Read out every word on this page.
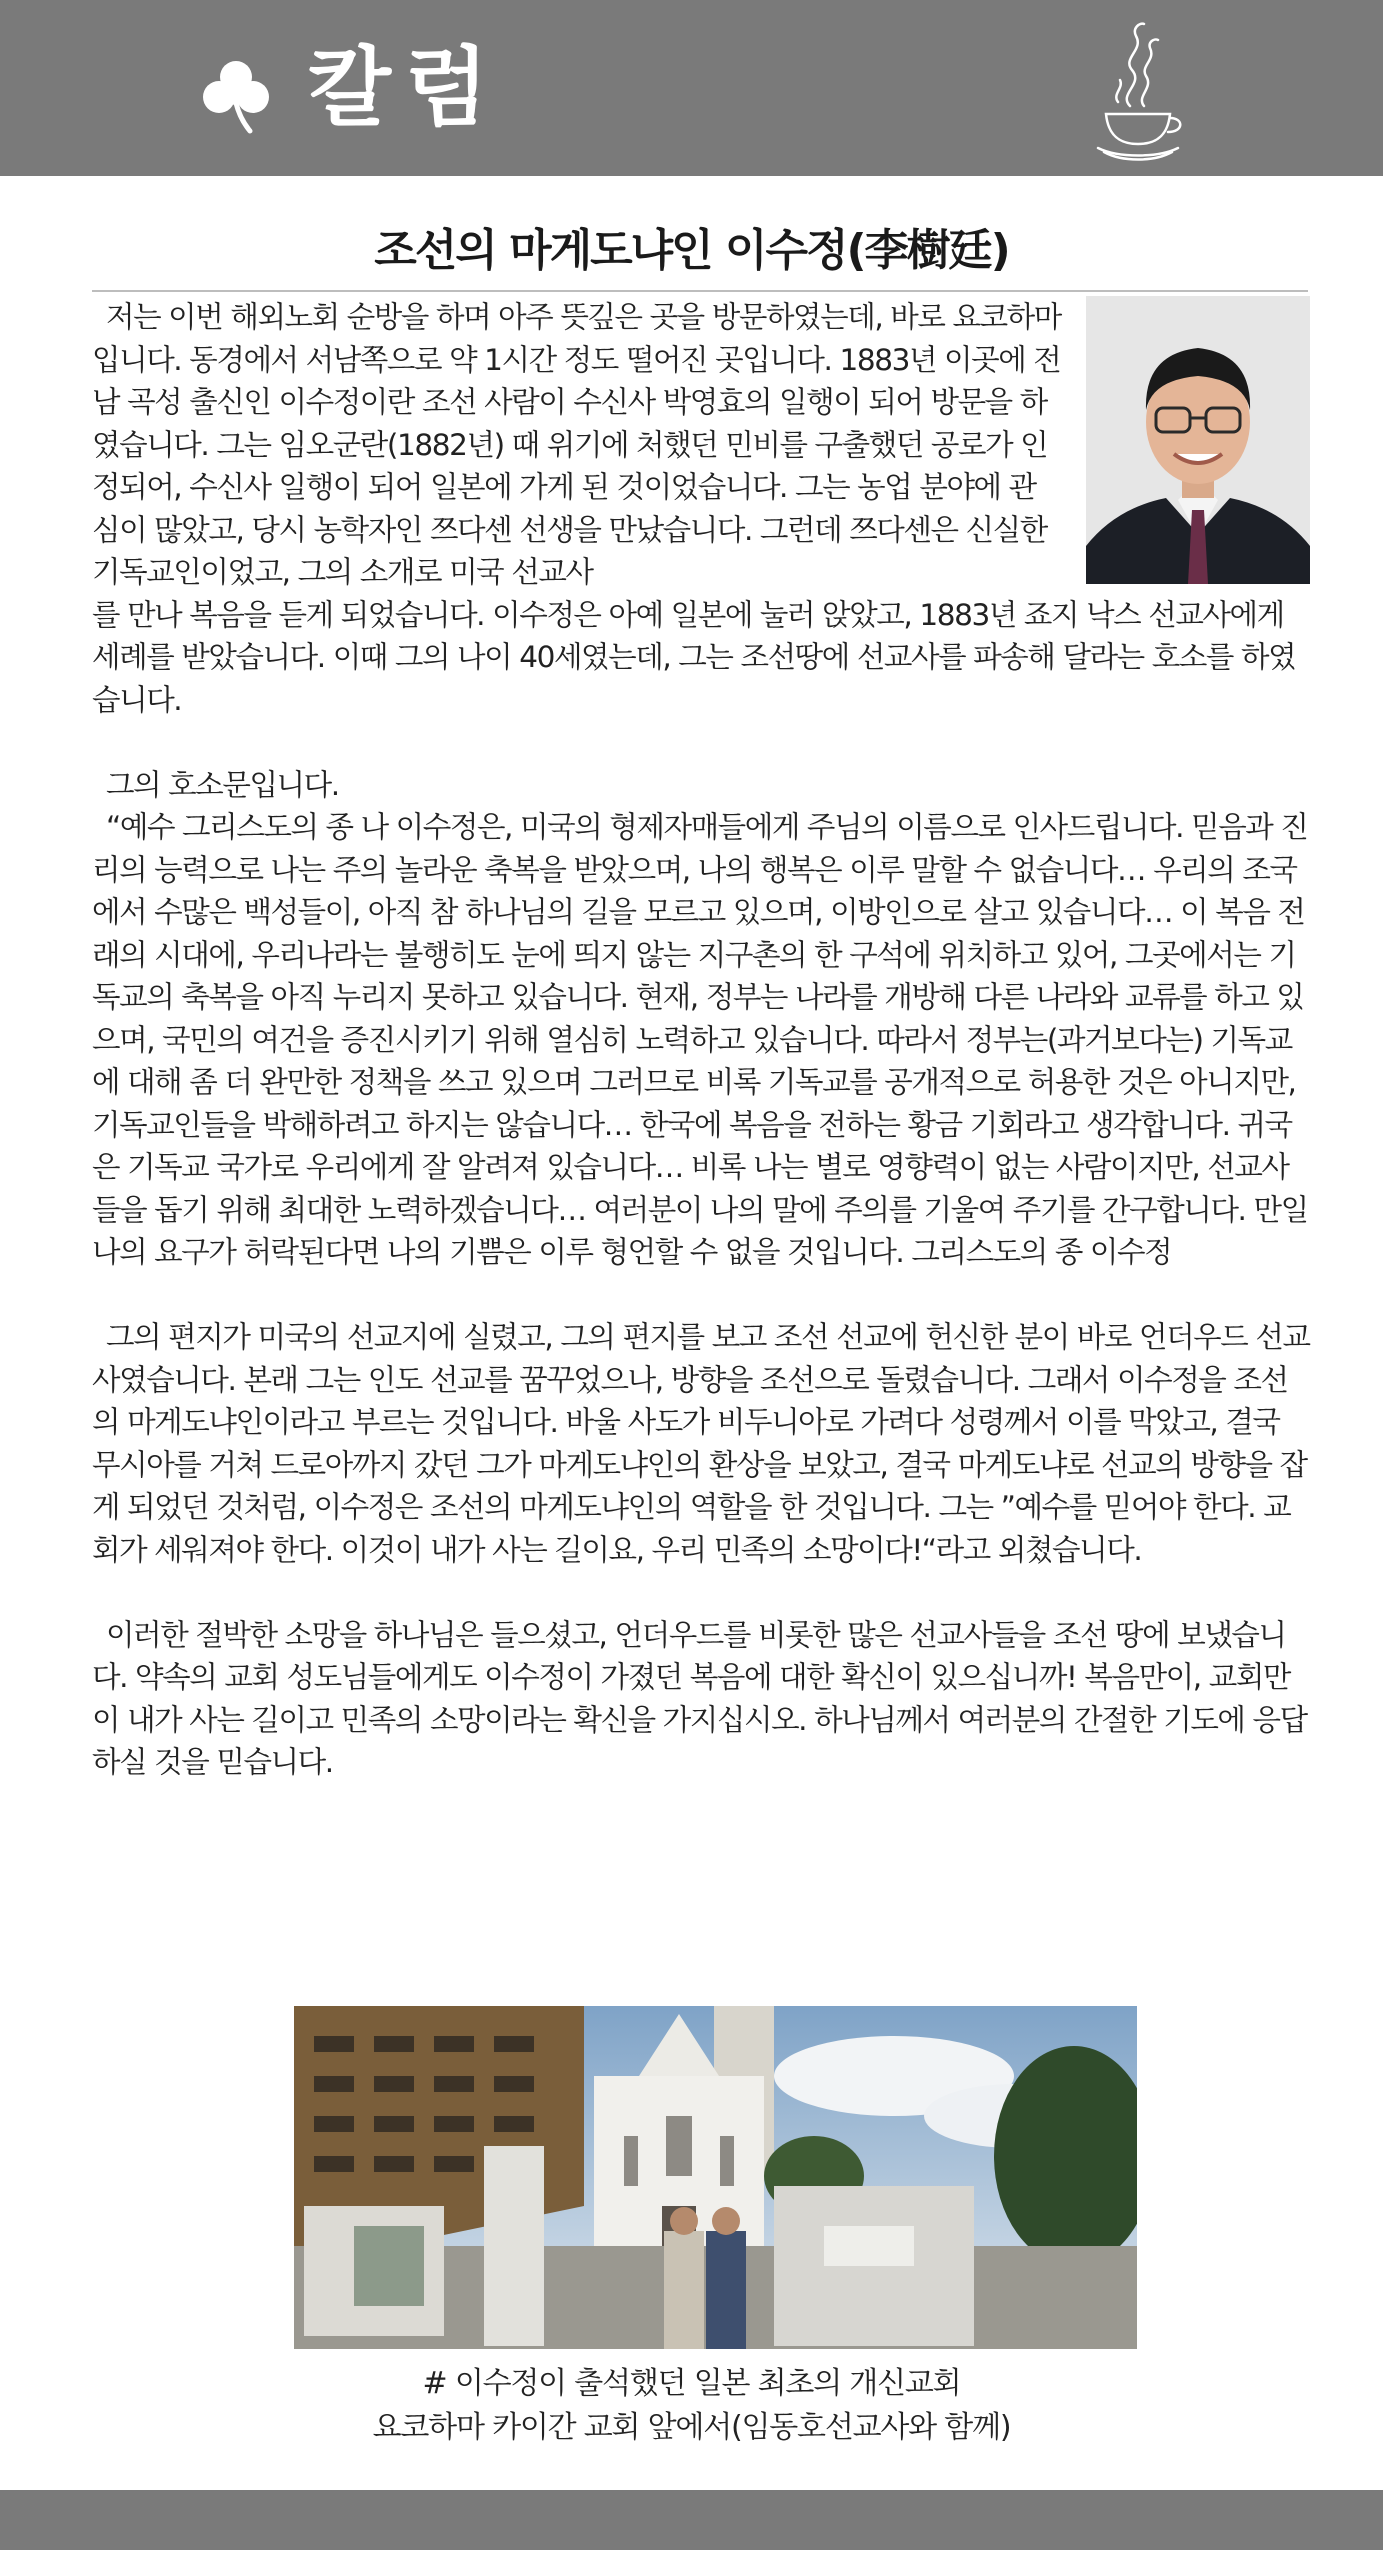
칼럼
조선의 마게도냐인 이수정(李樹廷)

저는 이번 해외노회 순방을 하며 아주 뜻깊은 곳을 방문하였는데, 바로 요코하마입니다. 동경에서 서남쪽으로 약 1시간 정도 떨어진 곳입니다. 1883년 이곳에 전남 곡성 출신인 이수정이란 조선 사람이 수신사 박영효의 일행이 되어 방문을 하였습니다. 그는 임오군란(1882년) 때 위기에 처했던 민비를 구출했던 공로가 인정되어, 수신사 일행이 되어 일본에 가게 된 것이었습니다. 그는 농업 분야에 관심이 많았고, 당시 농학자인 쯔다센 선생을 만났습니다. 그런데 쯔다센은 신실한 기독교인이었고, 그의 소개로 미국 선교사

를 만나 복음을 듣게 되었습니다. 이수정은 아예 일본에 눌러 앉았고, 1883년 죠지 낙스 선교사에게 세례를 받았습니다. 이때 그의 나이 40세였는데, 그는 조선땅에 선교사를 파송해 달라는 호소를 하였습니다.

그의 호소문입니다.

“예수 그리스도의 종 나 이수정은, 미국의 형제자매들에게 주님의 이름으로 인사드립니다. 믿음과 진리의 능력으로 나는 주의 놀라운 축복을 받았으며, 나의 행복은 이루 말할 수 없습니다… 우리의 조국에서 수많은 백성들이, 아직 참 하나님의 길을 모르고 있으며, 이방인으로 살고 있습니다… 이 복음 전래의 시대에, 우리나라는 불행히도 눈에 띄지 않는 지구촌의 한 구석에 위치하고 있어, 그곳에서는 기독교의 축복을 아직 누리지 못하고 있습니다. 현재, 정부는 나라를 개방해 다른 나라와 교류를 하고 있으며, 국민의 여건을 증진시키기 위해 열심히 노력하고 있습니다. 따라서 정부는(과거보다는) 기독교에 대해 좀 더 완만한 정책을 쓰고 있으며 그러므로 비록 기독교를 공개적으로 허용한 것은 아니지만, 기독교인들을 박해하려고 하지는 않습니다… 한국에 복음을 전하는 황금 기회라고 생각합니다. 귀국은 기독교 국가로 우리에게 잘 알려져 있습니다… 비록 나는 별로 영향력이 없는 사람이지만, 선교사들을 돕기 위해 최대한 노력하겠습니다… 여러분이 나의 말에 주의를 기울여 주기를 간구합니다. 만일 나의 요구가 허락된다면 나의 기쁨은 이루 형언할 수 없을 것입니다. 그리스도의 종 이수정

그의 편지가 미국의 선교지에 실렸고, 그의 편지를 보고 조선 선교에 헌신한 분이 바로 언더우드 선교사였습니다. 본래 그는 인도 선교를 꿈꾸었으나, 방향을 조선으로 돌렸습니다. 그래서 이수정을 조선의 마게도냐인이라고 부르는 것입니다. 바울 사도가 비두니아로 가려다 성령께서 이를 막았고, 결국 무시아를 거쳐 드로아까지 갔던 그가 마게도냐인의 환상을 보았고, 결국 마게도냐로 선교의 방향을 잡게 되었던 것처럼, 이수정은 조선의 마게도냐인의 역할을 한 것입니다. 그는 ”예수를 믿어야 한다. 교회가 세워져야 한다. 이것이 내가 사는 길이요, 우리 민족의 소망이다!“라고 외쳤습니다.

이러한 절박한 소망을 하나님은 들으셨고, 언더우드를 비롯한 많은 선교사들을 조선 땅에 보냈습니다. 약속의 교회 성도님들에게도 이수정이 가졌던 복음에 대한 확신이 있으십니까! 복음만이, 교회만이 내가 사는 길이고 민족의 소망이라는 확신을 가지십시오. 하나님께서 여러분의 간절한 기도에 응답하실 것을 믿습니다.

# 이수정이 출석했던 일본 최초의 개신교회
요코하마 카이간 교회 앞에서(임동호선교사와 함께)
